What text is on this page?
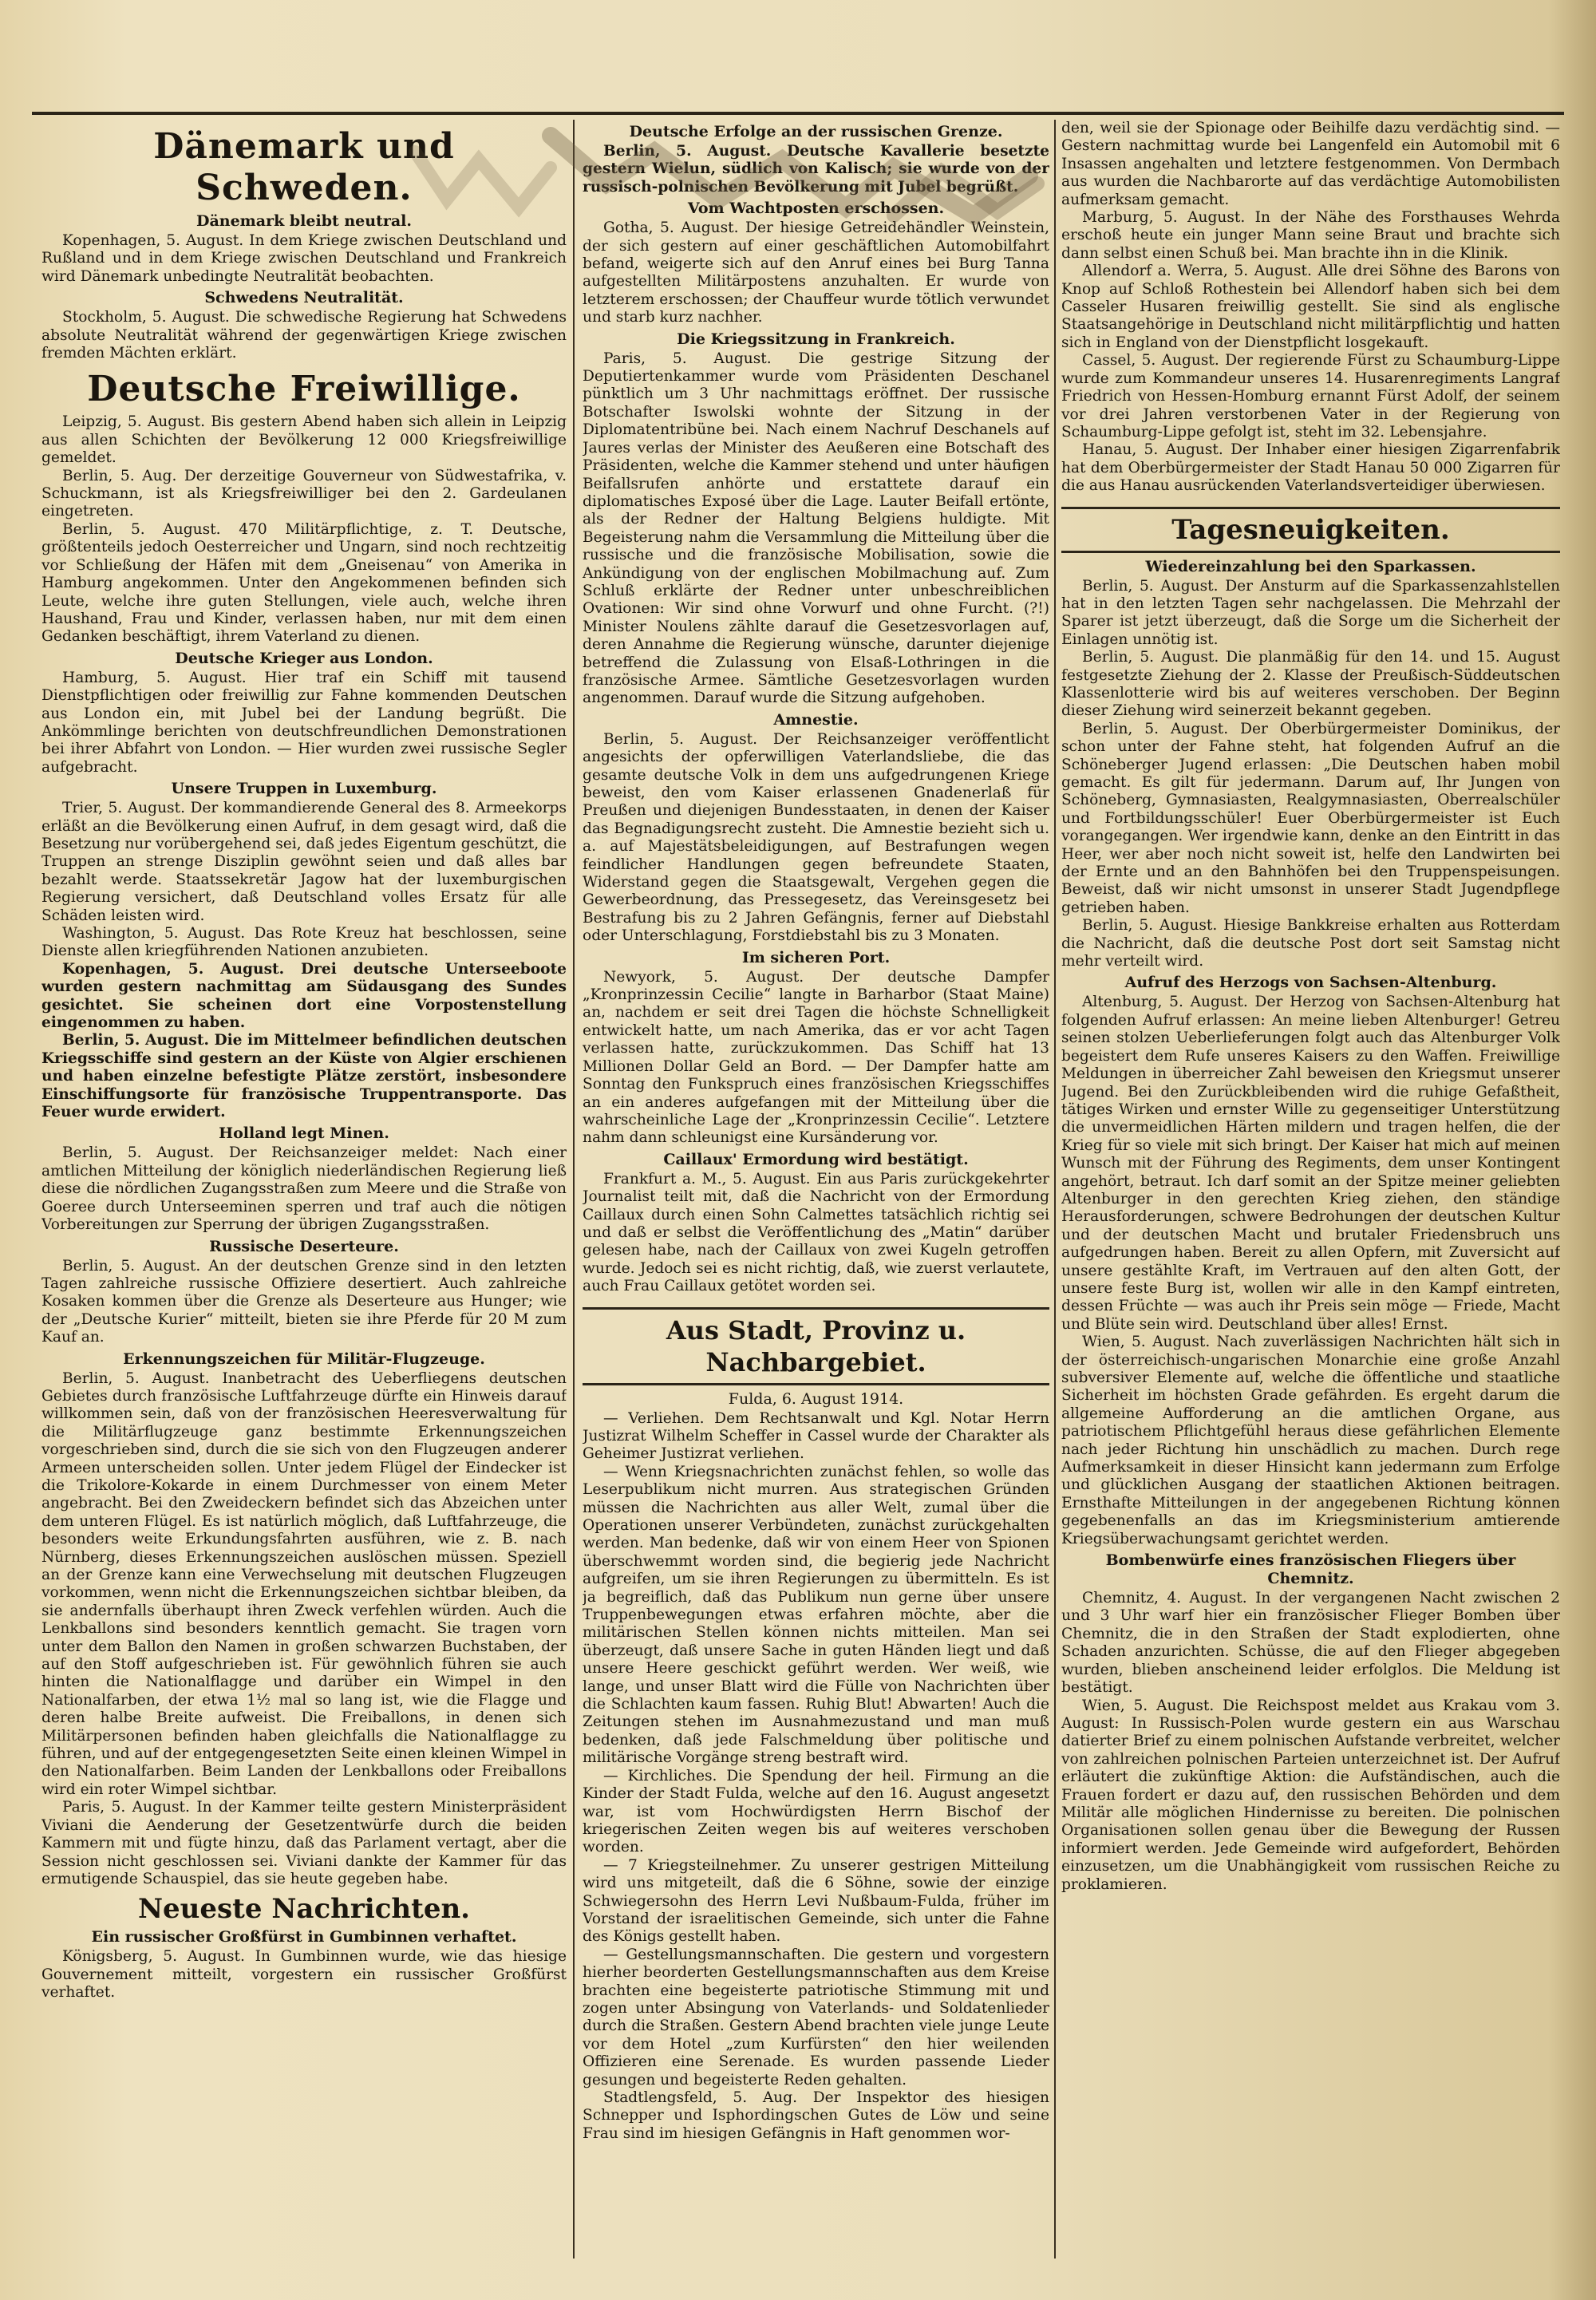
Dänemark und Schweden.
Dänemark bleibt neutral.

Kopenhagen, 5. August. In dem Kriege zwischen Deutschland und Rußland und in dem Kriege zwischen Deutschland und Frankreich wird Dänemark unbedingte Neutralität beobachten.

Schwedens Neutralität.

Stockholm, 5. August. Die schwedische Regierung hat Schwedens absolute Neutralität während der gegenwärtigen Kriege zwischen fremden Mächten erklärt.

Deutsche Freiwillige.

Leipzig, 5. August. Bis gestern Abend haben sich allein in Leipzig aus allen Schichten der Bevölkerung 12 000 Kriegsfreiwillige gemeldet.

Berlin, 5. Aug. Der derzeitige Gouverneur von Südwestafrika, v. Schuckmann, ist als Kriegsfreiwilliger bei den 2. Gardeulanen eingetreten.

Berlin, 5. August. 470 Militärpflichtige, z. T. Deutsche, größtenteils jedoch Oesterreicher und Ungarn, sind noch rechtzeitig vor Schließung der Häfen mit dem „Gneisenau“ von Amerika in Hamburg angekommen. Unter den Angekommenen befinden sich Leute, welche ihre guten Stellungen, viele auch, welche ihren Haushand, Frau und Kinder, verlassen haben, nur mit dem einen Gedanken beschäftigt, ihrem Vaterland zu dienen.

Deutsche Krieger aus London.

Hamburg, 5. August. Hier traf ein Schiff mit tausend Dienstpflichtigen oder freiwillig zur Fahne kommenden Deutschen aus London ein, mit Jubel bei der Landung begrüßt. Die Ankömmlinge berichten von deutschfreundlichen Demonstrationen bei ihrer Abfahrt von London. — Hier wurden zwei russische Segler aufgebracht.

Unsere Truppen in Luxemburg.

Trier, 5. August. Der kommandierende General des 8. Armeekorps erläßt an die Bevölkerung einen Aufruf, in dem gesagt wird, daß die Besetzung nur vorübergehend sei, daß jedes Eigentum geschützt, die Truppen an strenge Disziplin gewöhnt seien und daß alles bar bezahlt werde. Staatssekretär Jagow hat der luxemburgischen Regierung versichert, daß Deutschland volles Ersatz für alle Schäden leisten wird.

Washington, 5. August. Das Rote Kreuz hat beschlossen, seine Dienste allen kriegführenden Nationen anzubieten.

Kopenhagen, 5. August. Drei deutsche Unterseeboote wurden gestern nachmittag am Südausgang des Sundes gesichtet. Sie scheinen dort eine Vorpostenstellung eingenommen zu haben.

Berlin, 5. August. Die im Mittelmeer befindlichen deutschen Kriegsschiffe sind gestern an der Küste von Algier erschienen und haben einzelne befestigte Plätze zerstört, insbesondere Einschiffungsorte für französische Truppentransporte. Das Feuer wurde erwidert.

Holland legt Minen.

Berlin, 5. August. Der Reichsanzeiger meldet: Nach einer amtlichen Mitteilung der königlich niederländischen Regierung ließ diese die nördlichen Zugangsstraßen zum Meere und die Straße von Goeree durch Unterseeminen sperren und traf auch die nötigen Vorbereitungen zur Sperrung der übrigen Zugangsstraßen.

Russische Deserteure.

Berlin, 5. August. An der deutschen Grenze sind in den letzten Tagen zahlreiche russische Offiziere desertiert. Auch zahlreiche Kosaken kommen über die Grenze als Deserteure aus Hunger; wie der „Deutsche Kurier“ mitteilt, bieten sie ihre Pferde für 20 M zum Kauf an.

Erkennungszeichen für Militär-Flugzeuge.

Berlin, 5. August. Inanbetracht des Ueberfliegens deutschen Gebietes durch französische Luftfahrzeuge dürfte ein Hinweis darauf willkommen sein, daß von der französischen Heeresverwaltung für die Militärflugzeuge ganz bestimmte Erkennungszeichen vorgeschrieben sind, durch die sie sich von den Flugzeugen anderer Armeen unterscheiden sollen. Unter jedem Flügel der Eindecker ist die Trikolore-Kokarde in einem Durchmesser von einem Meter angebracht. Bei den Zweideckern befindet sich das Abzeichen unter dem unteren Flügel. Es ist natürlich möglich, daß Luftfahrzeuge, die besonders weite Erkundungsfahrten ausführen, wie z. B. nach Nürnberg, dieses Erkennungszeichen auslöschen müssen. Speziell an der Grenze kann eine Verwechselung mit deutschen Flugzeugen vorkommen, wenn nicht die Erkennungszeichen sichtbar bleiben, da sie andernfalls überhaupt ihren Zweck verfehlen würden. Auch die Lenkballons sind besonders kenntlich gemacht. Sie tragen vorn unter dem Ballon den Namen in großen schwarzen Buchstaben, der auf den Stoff aufgeschrieben ist. Für gewöhnlich führen sie auch hinten die Nationalflagge und darüber ein Wimpel in den Nationalfarben, der etwa 1½ mal so lang ist, wie die Flagge und deren halbe Breite aufweist. Die Freiballons, in denen sich Militärpersonen befinden haben gleichfalls die Nationalflagge zu führen, und auf der entgegengesetzten Seite einen kleinen Wimpel in den Nationalfarben. Beim Landen der Lenkballons oder Freiballons wird ein roter Wimpel sichtbar.

Paris, 5. August. In der Kammer teilte gestern Ministerpräsident Viviani die Aenderung der Gesetzentwürfe durch die beiden Kammern mit und fügte hinzu, daß das Parlament vertagt, aber die Session nicht geschlossen sei. Viviani dankte der Kammer für das ermutigende Schauspiel, das sie heute gegeben habe.

Neueste Nachrichten.
Ein russischer Großfürst in Gumbinnen verhaftet.

Königsberg, 5. August. In Gumbinnen wurde, wie das hiesige Gouvernement mitteilt, vorgestern ein russischer Großfürst verhaftet.

Deutsche Erfolge an der russischen Grenze.

Berlin, 5. August. Deutsche Kavallerie besetzte gestern Wielun, südlich von Kalisch; sie wurde von der russisch-polnischen Bevölkerung mit Jubel begrüßt.

Vom Wachtposten erschossen.

Gotha, 5. August. Der hiesige Getreidehändler Weinstein, der sich gestern auf einer geschäftlichen Automobilfahrt befand, weigerte sich auf den Anruf eines bei Burg Tanna aufgestellten Militärpostens anzuhalten. Er wurde von letzterem erschossen; der Chauffeur wurde tötlich verwundet und starb kurz nachher.

Die Kriegssitzung in Frankreich.

Paris, 5. August. Die gestrige Sitzung der Deputiertenkammer wurde vom Präsidenten Deschanel pünktlich um 3 Uhr nachmittags eröffnet. Der russische Botschafter Iswolski wohnte der Sitzung in der Diplomatentribüne bei. Nach einem Nachruf Deschanels auf Jaures verlas der Minister des Aeußeren eine Botschaft des Präsidenten, welche die Kammer stehend und unter häufigen Beifallsrufen anhörte und erstattete darauf ein diplomatisches Exposé über die Lage. Lauter Beifall ertönte, als der Redner der Haltung Belgiens huldigte. Mit Begeisterung nahm die Versammlung die Mitteilung über die russische und die französische Mobilisation, sowie die Ankündigung von der englischen Mobilmachung auf. Zum Schluß erklärte der Redner unter unbeschreiblichen Ovationen: Wir sind ohne Vorwurf und ohne Furcht. (?!) Minister Noulens zählte darauf die Gesetzesvorlagen auf, deren Annahme die Regierung wünsche, darunter diejenige betreffend die Zulassung von Elsaß-Lothringen in die französische Armee. Sämtliche Gesetzesvorlagen wurden angenommen. Darauf wurde die Sitzung aufgehoben.

Amnestie.

Berlin, 5. August. Der Reichsanzeiger veröffentlicht angesichts der opferwilligen Vaterlandsliebe, die das gesamte deutsche Volk in dem uns aufgedrungenen Kriege beweist, den vom Kaiser erlassenen Gnadenerlaß für Preußen und diejenigen Bundesstaaten, in denen der Kaiser das Begnadigungsrecht zusteht. Die Amnestie bezieht sich u. a. auf Majestätsbeleidigungen, auf Bestrafungen wegen feindlicher Handlungen gegen befreundete Staaten, Widerstand gegen die Staatsgewalt, Vergehen gegen die Gewerbeordnung, das Pressegesetz, das Vereinsgesetz bei Bestrafung bis zu 2 Jahren Gefängnis, ferner auf Diebstahl oder Unterschlagung, Forstdiebstahl bis zu 3 Monaten.

Im sicheren Port.

Newyork, 5. August. Der deutsche Dampfer „Kronprinzessin Cecilie“ langte in Barharbor (Staat Maine) an, nachdem er seit drei Tagen die höchste Schnelligkeit entwickelt hatte, um nach Amerika, das er vor acht Tagen verlassen hatte, zurückzukommen. Das Schiff hat 13 Millionen Dollar Geld an Bord. — Der Dampfer hatte am Sonntag den Funkspruch eines französischen Kriegsschiffes an ein anderes aufgefangen mit der Mitteilung über die wahrscheinliche Lage der „Kronprinzessin Cecilie“. Letztere nahm dann schleunigst eine Kursänderung vor.

Caillaux' Ermordung wird bestätigt.

Frankfurt a. M., 5. August. Ein aus Paris zurückgekehrter Journalist teilt mit, daß die Nachricht von der Ermordung Caillaux durch einen Sohn Calmettes tatsächlich richtig sei und daß er selbst die Veröffentlichung des „Matin“ darüber gelesen habe, nach der Caillaux von zwei Kugeln getroffen wurde. Jedoch sei es nicht richtig, daß, wie zuerst verlautete, auch Frau Caillaux getötet worden sei.

Aus Stadt, Provinz u. Nachbargebiet.
Fulda, 6. August 1914.

— Verliehen. Dem Rechtsanwalt und Kgl. Notar Herrn Justizrat Wilhelm Scheffer in Cassel wurde der Charakter als Geheimer Justizrat verliehen.

— Wenn Kriegsnachrichten zunächst fehlen, so wolle das Leserpublikum nicht murren. Aus strategischen Gründen müssen die Nachrichten aus aller Welt, zumal über die Operationen unserer Verbündeten, zunächst zurückgehalten werden. Man bedenke, daß wir von einem Heer von Spionen überschwemmt worden sind, die begierig jede Nachricht aufgreifen, um sie ihren Regierungen zu übermitteln. Es ist ja begreiflich, daß das Publikum nun gerne über unsere Truppenbewegungen etwas erfahren möchte, aber die militärischen Stellen können nichts mitteilen. Man sei überzeugt, daß unsere Sache in guten Händen liegt und daß unsere Heere geschickt geführt werden. Wer weiß, wie lange, und unser Blatt wird die Fülle von Nachrichten über die Schlachten kaum fassen. Ruhig Blut! Abwarten! Auch die Zeitungen stehen im Ausnahmezustand und man muß bedenken, daß jede Falschmeldung über politische und militärische Vorgänge streng bestraft wird.

— Kirchliches. Die Spendung der heil. Firmung an die Kinder der Stadt Fulda, welche auf den 16. August angesetzt war, ist vom Hochwürdigsten Herrn Bischof der kriegerischen Zeiten wegen bis auf weiteres verschoben worden.

— 7 Kriegsteilnehmer. Zu unserer gestrigen Mitteilung wird uns mitgeteilt, daß die 6 Söhne, sowie der einzige Schwiegersohn des Herrn Levi Nußbaum-Fulda, früher im Vorstand der israelitischen Gemeinde, sich unter die Fahne des Königs gestellt haben.

— Gestellungsmannschaften. Die gestern und vorgestern hierher beorderten Gestellungsmannschaften aus dem Kreise brachten eine begeisterte patriotische Stimmung mit und zogen unter Absingung von Vaterlands- und Soldatenlieder durch die Straßen. Gestern Abend brachten viele junge Leute vor dem Hotel „zum Kurfürsten“ den hier weilenden Offizieren eine Serenade. Es wurden passende Lieder gesungen und begeisterte Reden gehalten.

Stadtlengsfeld, 5. Aug. Der Inspektor des hiesigen Schnepper und Isphordingschen Gutes de Löw und seine Frau sind im hiesigen Gefängnis in Haft genommen wor-

den, weil sie der Spionage oder Beihilfe dazu verdächtig sind. — Gestern nachmittag wurde bei Langenfeld ein Automobil mit 6 Insassen angehalten und letztere festgenommen. Von Dermbach aus wurden die Nachbarorte auf das verdächtige Automobilisten aufmerksam gemacht.

Marburg, 5. August. In der Nähe des Forsthauses Wehrda erschoß heute ein junger Mann seine Braut und brachte sich dann selbst einen Schuß bei. Man brachte ihn in die Klinik.

Allendorf a. Werra, 5. August. Alle drei Söhne des Barons von Knop auf Schloß Rothestein bei Allendorf haben sich bei dem Casseler Husaren freiwillig gestellt. Sie sind als englische Staatsangehörige in Deutschland nicht militärpflichtig und hatten sich in England von der Dienstpflicht losgekauft.

Cassel, 5. August. Der regierende Fürst zu Schaumburg-Lippe wurde zum Kommandeur unseres 14. Husarenregiments Langraf Friedrich von Hessen-Homburg ernannt Fürst Adolf, der seinem vor drei Jahren verstorbenen Vater in der Regierung von Schaumburg-Lippe gefolgt ist, steht im 32. Lebensjahre.

Hanau, 5. August. Der Inhaber einer hiesigen Zigarrenfabrik hat dem Oberbürgermeister der Stadt Hanau 50 000 Zigarren für die aus Hanau ausrückenden Vaterlandsverteidiger überwiesen.

Tagesneuigkeiten.
Wiedereinzahlung bei den Sparkassen.

Berlin, 5. August. Der Ansturm auf die Sparkassenzahlstellen hat in den letzten Tagen sehr nachgelassen. Die Mehrzahl der Sparer ist jetzt überzeugt, daß die Sorge um die Sicherheit der Einlagen unnötig ist.

Berlin, 5. August. Die planmäßig für den 14. und 15. August festgesetzte Ziehung der 2. Klasse der Preußisch-Süddeutschen Klassenlotterie wird bis auf weiteres verschoben. Der Beginn dieser Ziehung wird seinerzeit bekannt gegeben.

Berlin, 5. August. Der Oberbürgermeister Dominikus, der schon unter der Fahne steht, hat folgenden Aufruf an die Schöneberger Jugend erlassen: „Die Deutschen haben mobil gemacht. Es gilt für jedermann. Darum auf, Ihr Jungen von Schöneberg, Gymnasiasten, Realgymnasiasten, Oberrealschüler und Fortbildungsschüler! Euer Oberbürgermeister ist Euch vorangegangen. Wer irgendwie kann, denke an den Eintritt in das Heer, wer aber noch nicht soweit ist, helfe den Landwirten bei der Ernte und an den Bahnhöfen bei den Truppenspeisungen. Beweist, daß wir nicht umsonst in unserer Stadt Jugendpflege getrieben haben.

Berlin, 5. August. Hiesige Bankkreise erhalten aus Rotterdam die Nachricht, daß die deutsche Post dort seit Samstag nicht mehr verteilt wird.

Aufruf des Herzogs von Sachsen-Altenburg.

Altenburg, 5. August. Der Herzog von Sachsen-Altenburg hat folgenden Aufruf erlassen: An meine lieben Altenburger! Getreu seinen stolzen Ueberlieferungen folgt auch das Altenburger Volk begeistert dem Rufe unseres Kaisers zu den Waffen. Freiwillige Meldungen in überreicher Zahl beweisen den Kriegsmut unserer Jugend. Bei den Zurückbleibenden wird die ruhige Gefaßtheit, tätiges Wirken und ernster Wille zu gegenseitiger Unterstützung die unvermeidlichen Härten mildern und tragen helfen, die der Krieg für so viele mit sich bringt. Der Kaiser hat mich auf meinen Wunsch mit der Führung des Regiments, dem unser Kontingent angehört, betraut. Ich darf somit an der Spitze meiner geliebten Altenburger in den gerechten Krieg ziehen, den ständige Herausforderungen, schwere Bedrohungen der deutschen Kultur und der deutschen Macht und brutaler Friedensbruch uns aufgedrungen haben. Bereit zu allen Opfern, mit Zuversicht auf unsere gestählte Kraft, im Vertrauen auf den alten Gott, der unsere feste Burg ist, wollen wir alle in den Kampf eintreten, dessen Früchte — was auch ihr Preis sein möge — Friede, Macht und Blüte sein wird. Deutschland über alles! Ernst.

Wien, 5. August. Nach zuverlässigen Nachrichten hält sich in der österreichisch-ungarischen Monarchie eine große Anzahl subversiver Elemente auf, welche die öffentliche und staatliche Sicherheit im höchsten Grade gefährden. Es ergeht darum die allgemeine Aufforderung an die amtlichen Organe, aus patriotischem Pflichtgefühl heraus diese gefährlichen Elemente nach jeder Richtung hin unschädlich zu machen. Durch rege Aufmerksamkeit in dieser Hinsicht kann jedermann zum Erfolge und glücklichen Ausgang der staatlichen Aktionen beitragen. Ernsthafte Mitteilungen in der angegebenen Richtung können gegebenenfalls an das im Kriegsministerium amtierende Kriegsüberwachungsamt gerichtet werden.

Bombenwürfe eines französischen Fliegers über Chemnitz.

Chemnitz, 4. August. In der vergangenen Nacht zwischen 2 und 3 Uhr warf hier ein französischer Flieger Bomben über Chemnitz, die in den Straßen der Stadt explodierten, ohne Schaden anzurichten. Schüsse, die auf den Flieger abgegeben wurden, blieben anscheinend leider erfolglos. Die Meldung ist bestätigt.

Wien, 5. August. Die Reichspost meldet aus Krakau vom 3. August: In Russisch-Polen wurde gestern ein aus Warschau datierter Brief zu einem polnischen Aufstande verbreitet, welcher von zahlreichen polnischen Parteien unterzeichnet ist. Der Aufruf erläutert die zukünftige Aktion: die Aufständischen, auch die Frauen fordert er dazu auf, den russischen Behörden und dem Militär alle möglichen Hindernisse zu bereiten. Die polnischen Organisationen sollen genau über die Bewegung der Russen informiert werden. Jede Gemeinde wird aufgefordert, Behörden einzusetzen, um die Unabhängigkeit vom russischen Reiche zu proklamieren.
